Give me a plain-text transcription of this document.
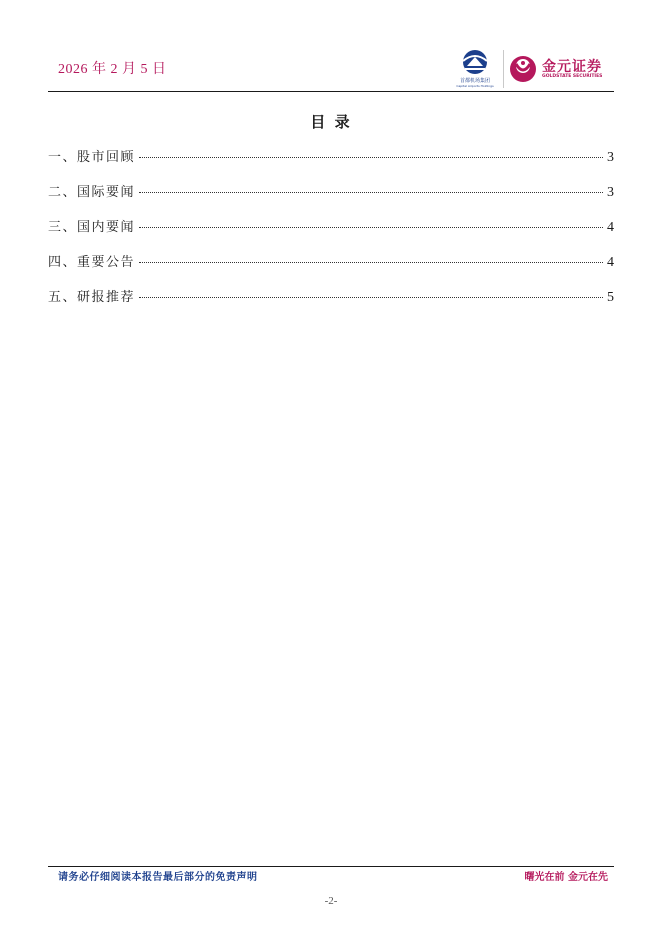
2026 年 2 月 5 日
首都机场集团
Capital Airports Holdings
金元证券
GOLDSTATE SECURITIES
目 录
一、股市回顾	3
二、国际要闻	3
三、国内要闻	4
四、重要公告	4
五、研报推荐	5
请务必仔细阅读本报告最后部分的免责声明	曙光在前 金元在先
-2-
